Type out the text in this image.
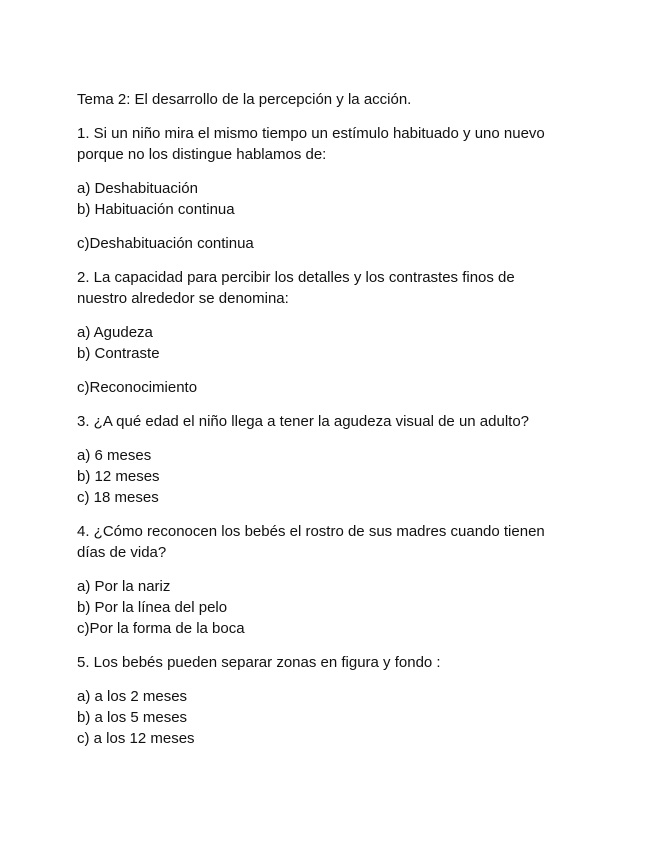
Tema 2: El desarrollo de la percepción y la acción.
1. Si un niño mira el mismo tiempo un estímulo habituado y uno nuevo
porque no los distingue hablamos de:
a) Deshabituación
b) Habituación continua
c)Deshabituación continua
2. La capacidad para percibir los detalles y los contrastes finos de
nuestro alrededor se denomina:
a) Agudeza
b) Contraste
c)Reconocimiento
3. ¿A qué edad el niño llega a tener la agudeza visual de un adulto?
a) 6 meses
b) 12 meses
c) 18 meses
4. ¿Cómo reconocen los bebés el rostro de sus madres cuando tienen
días de vida?
a) Por la nariz
b) Por la línea del pelo
c)Por la forma de la boca
5. Los bebés pueden separar zonas en figura y fondo :
a) a los 2 meses
b) a los 5 meses
c) a los 12 meses
